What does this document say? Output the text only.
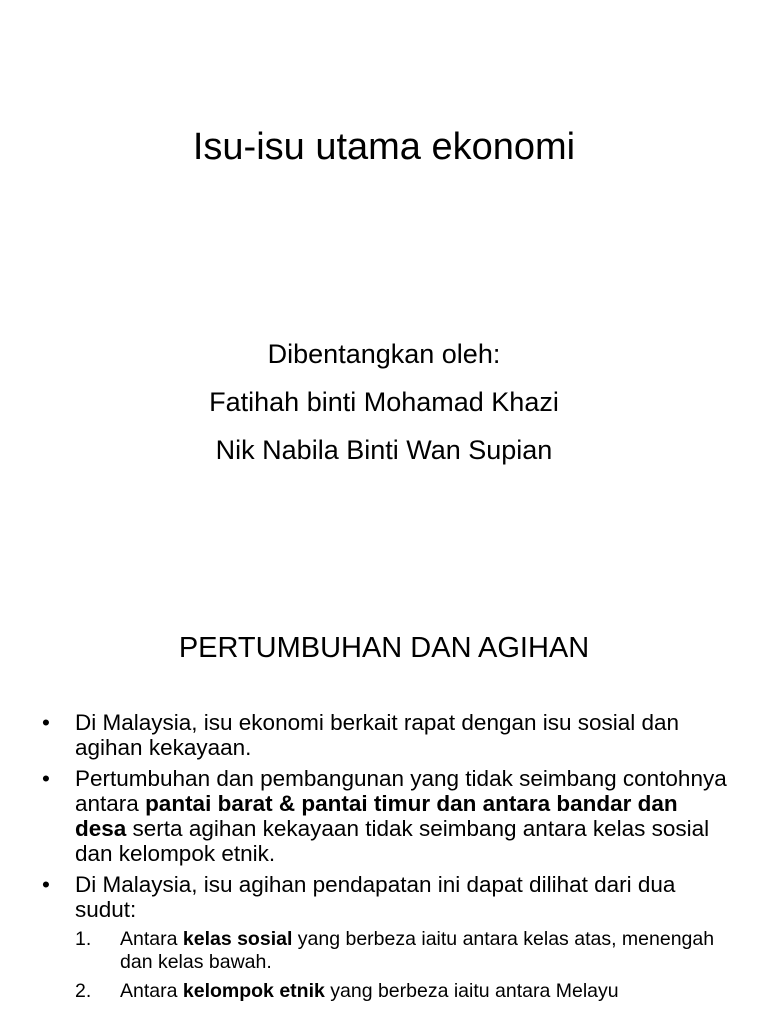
Isu-isu utama ekonomi
Dibentangkan oleh:
Fatihah binti Mohamad Khazi
Nik Nabila Binti Wan Supian
PERTUMBUHAN DAN AGIHAN
• Di Malaysia, isu ekonomi berkait rapat dengan isu sosial dan agihan kekayaan.
• Pertumbuhan dan pembangunan yang tidak seimbang contohnya antara pantai barat & pantai timur dan antara bandar dan desa serta agihan kekayaan tidak seimbang antara kelas sosial dan kelompok etnik.
• Di Malaysia, isu agihan pendapatan ini dapat dilihat dari dua sudut:
1. Antara kelas sosial yang berbeza iaitu antara kelas atas, menengah dan kelas bawah.
2. Antara kelompok etnik yang berbeza iaitu antara Melayu
